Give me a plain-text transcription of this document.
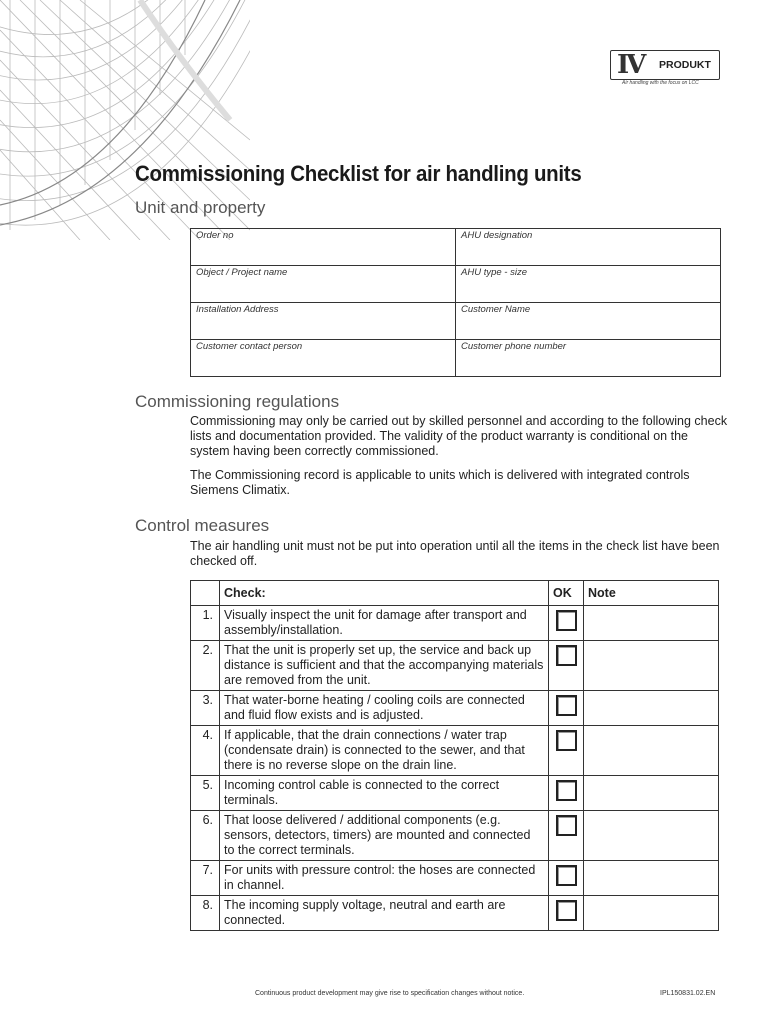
IV	PRODUKT
Air handling with the focus on LCC
Commissioning Checklist for air handling units
Unit and property
Order no	AHU designation
Object / Project name	AHU type - size
Installation Address	Customer Name
Customer contact person	Customer phone number
Commissioning regulations

Commissioning may only be carried out by skilled personnel and according to the following check lists and documentation provided. The validity of the product warranty is conditional on the system having been correctly commissioned.

The Commissioning record is applicable to units which is delivered with integrated controls Siemens Climatix.

Control measures

The air handling unit must not be put into operation until all the items in the check list have been checked off.

	Check:	OK	Note
1.	Visually inspect the unit for damage after transport and assembly/installation.		
2.	That the unit is properly set up, the service and back up distance is sufficient and that the accompanying materials are removed from the unit.		
3.	That water-borne heating / cooling coils are connected and fluid flow exists and is adjusted.		
4.	If applicable, that the drain connections / water trap (condensate drain) is connected to the sewer, and that there is no reverse slope on the drain line.		
5.	Incoming control cable is connected to the correct terminals.		
6.	That loose delivered / additional components (e.g. sensors, detectors, timers) are mounted and connected to the correct terminals.		
7.	For units with pressure control: the hoses are connected in channel.		
8.	The incoming supply voltage, neutral and earth are connected.		
Continuous product development may give rise to specification changes without notice.	IPL150831.02.EN
